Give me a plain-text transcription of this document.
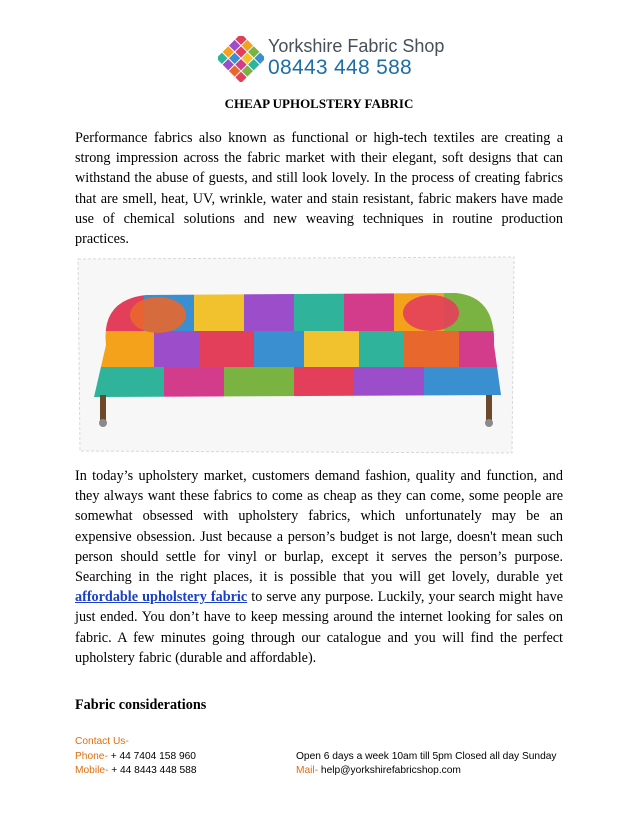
Yorkshire Fabric Shop
08443 448 588
CHEAP UPHOLSTERY FABRIC

Performance fabrics also known as functional or high-tech textiles are creating a strong impression across the fabric market with their elegant, soft designs that can withstand the abuse of guests, and still look lovely. In the process of creating fabrics that are smell, heat, UV, wrinkle, water and stain resistant, fabric makers have made use of chemical solutions and new weaving techniques in routine production practices.

In today’s upholstery market, customers demand fashion, quality and function, and they always want these fabrics to come as cheap as they can come, some people are somewhat obsessed with upholstery fabrics, which unfortunately may be an expensive obsession. Just because a person’s budget is not large, doesn't mean such person should settle for vinyl or burlap, except it serves the person’s purpose. Searching in the right places, it is possible that you will get lovely, durable yet affordable upholstery fabric to serve any purpose. Luckily, your search might have just ended. You don’t have to keep messing around the internet looking for sales on fabric. A few minutes going through our catalogue and you will find the perfect upholstery fabric (durable and affordable).

Fabric considerations
Contact Us-
Phone- + 44 7404 158 960	Open 6 days a week 10am till 5pm Closed all day Sunday
Mobile- + 44 8443 448 588	Mail- help@yorkshirefabricshop.com
